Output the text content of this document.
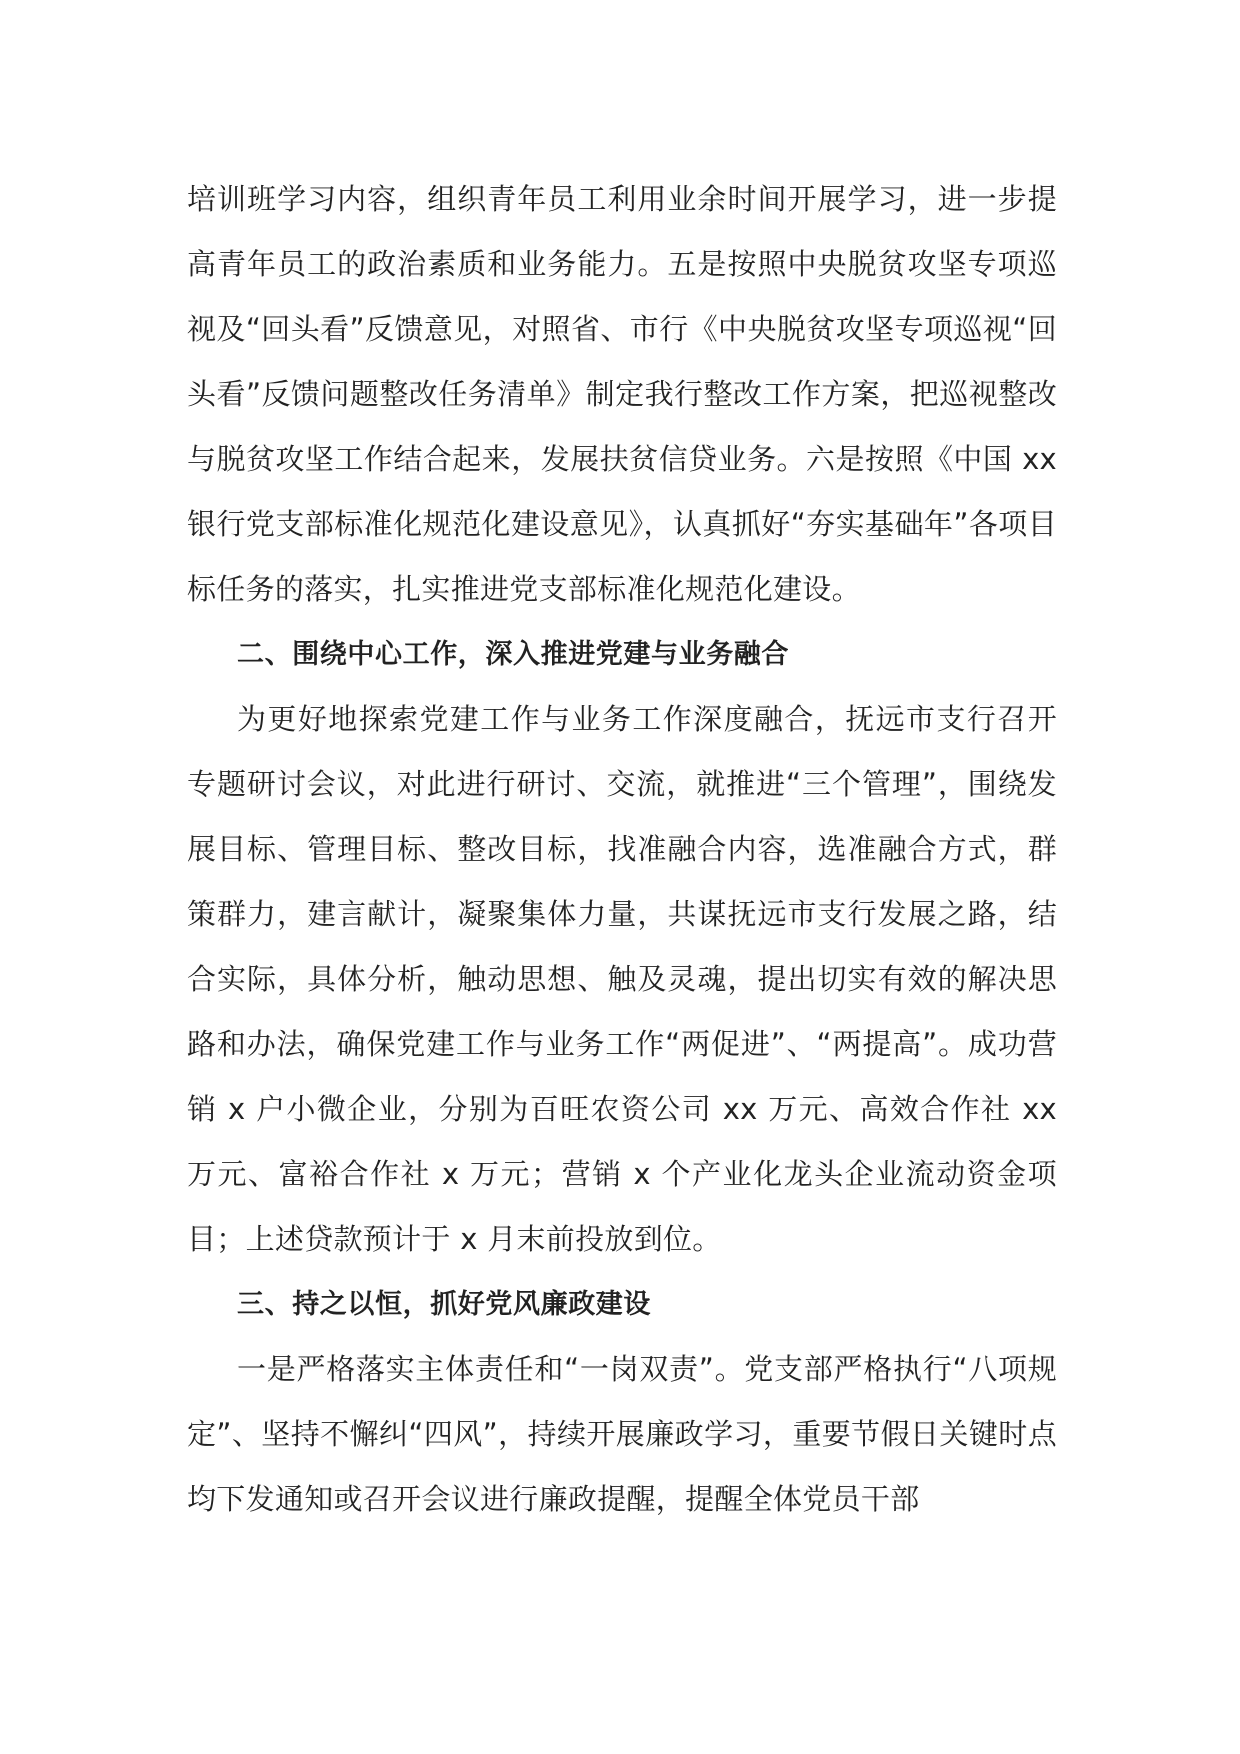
培训班学习内容，组织青年员工利用业余时间开展学习，进一步提高青年员工的政治素质和业务能力。五是按照中央脱贫攻坚专项巡视及“回头看”反馈意见，对照省、市行《中央脱贫攻坚专项巡视“回头看”反馈问题整改任务清单》制定我行整改工作方案，把巡视整改与脱贫攻坚工作结合起来，发展扶贫信贷业务。六是按照《中国 xx 银行党支部标准化规范化建设意见》，认真抓好“夯实基础年”各项目标任务的落实，扎实推进党支部标准化规范化建设。

二、围绕中心工作，深入推进党建与业务融合

为更好地探索党建工作与业务工作深度融合，抚远市支行召开专题研讨会议，对此进行研讨、交流，就推进“三个管理”，围绕发展目标、管理目标、整改目标，找准融合内容，选准融合方式，群策群力，建言献计，凝聚集体力量，共谋抚远市支行发展之路，结合实际，具体分析，触动思想、触及灵魂，提出切实有效的解决思路和办法，确保党建工作与业务工作“两促进”、“两提高”。成功营销 x 户小微企业，分别为百旺农资公司 xx 万元、高效合作社 xx 万元、富裕合作社 x 万元；营销 x 个产业化龙头企业流动资金项目；上述贷款预计于 x 月末前投放到位。

三、持之以恒，抓好党风廉政建设

一是严格落实主体责任和“一岗双责”。党支部严格执行“八项规定”、坚持不懈纠“四风”，持续开展廉政学习，重要节假日关键时点均下发通知或召开会议进行廉政提醒，提醒全体党员干部
